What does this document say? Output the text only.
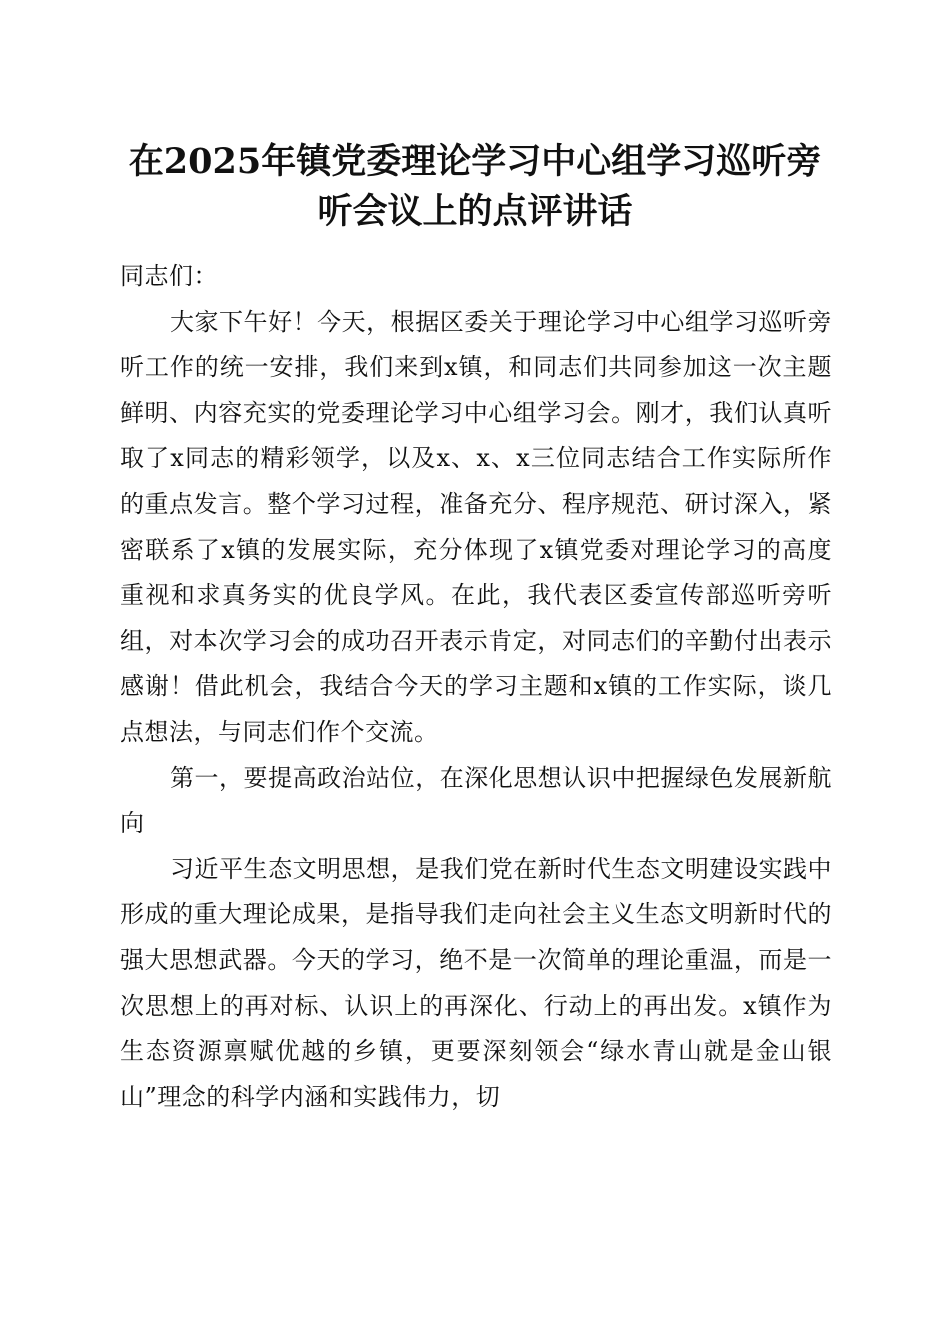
在2025年镇党委理论学习中心组学习巡听旁
听会议上的点评讲话

同志们：

大家下午好！今天，根据区委关于理论学习中心组学习巡听旁听工作的统一安排，我们来到x镇，和同志们共同参加这一次主题鲜明、内容充实的党委理论学习中心组学习会。刚才，我们认真听取了x同志的精彩领学，以及x、x、x三位同志结合工作实际所作的重点发言。整个学习过程，准备充分、程序规范、研讨深入，紧密联系了x镇的发展实际，充分体现了x镇党委对理论学习的高度重视和求真务实的优良学风。在此，我代表区委宣传部巡听旁听组，对本次学习会的成功召开表示肯定，对同志们的辛勤付出表示感谢！借此机会，我结合今天的学习主题和x镇的工作实际，谈几点想法，与同志们作个交流。

第一，要提高政治站位，在深化思想认识中把握绿色发展新航向

习近平生态文明思想，是我们党在新时代生态文明建设实践中形成的重大理论成果，是指导我们走向社会主义生态文明新时代的强大思想武器。今天的学习，绝不是一次简单的理论重温，而是一次思想上的再对标、认识上的再深化、行动上的再出发。x镇作为生态资源禀赋优越的乡镇，更要深刻领会“绿水青山就是金山银山”理念的科学内涵和实践伟力，切
